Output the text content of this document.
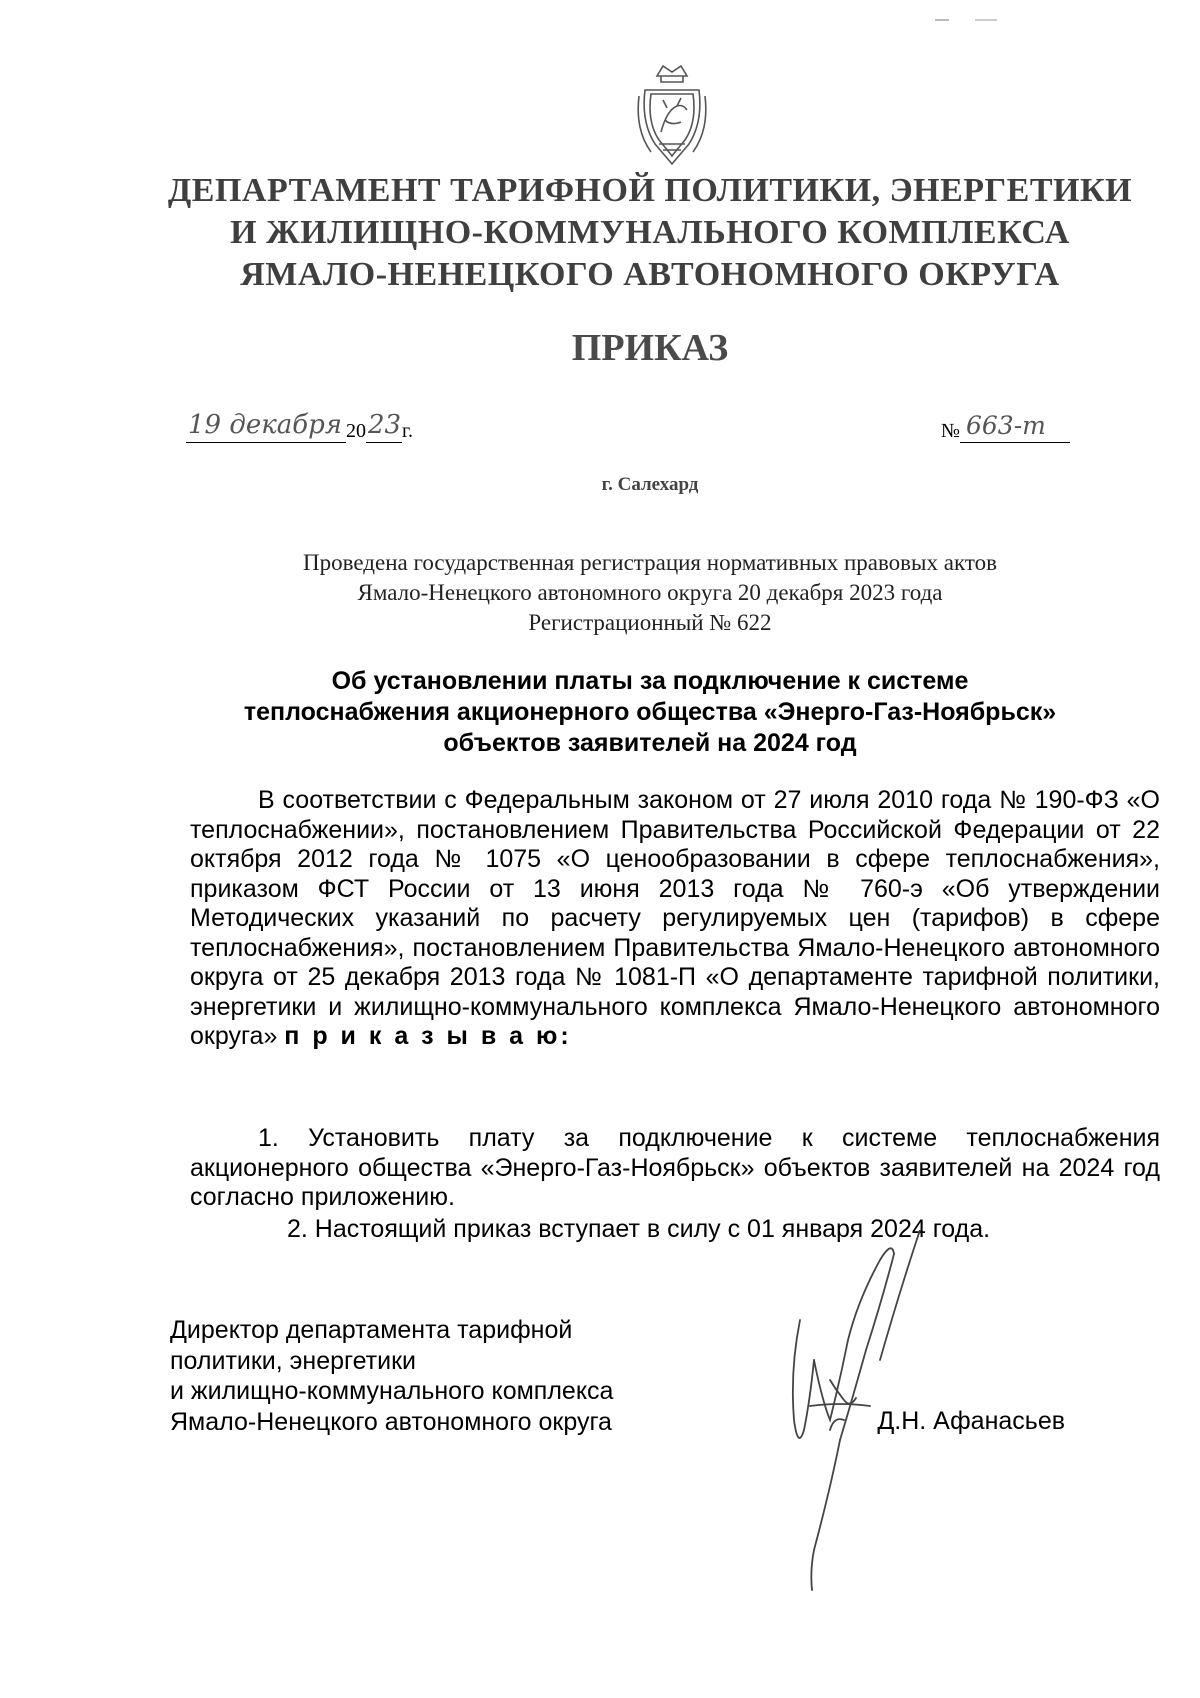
ДЕПАРТАМЕНТ ТАРИФНОЙ ПОЛИТИКИ, ЭНЕРГЕТИКИ
И ЖИЛИЩНО-КОММУНАЛЬНОГО КОМПЛЕКСА
ЯМАЛО-НЕНЕЦКОГО АВТОНОМНОГО ОКРУГА
ПРИКАЗ
19 декабря 20 23 г.	№ 663-т
г. Салехард
Проведена государственная регистрация нормативных правовых актов
Ямало-Ненецкого автономного округа 20 декабря 2023 года
Регистрационный № 622
Об установлении платы за подключение к системе
теплоснабжения акционерного общества «Энерго-Газ-Ноябрьск»
объектов заявителей на 2024 год
В соответствии с Федеральным законом от 27 июля 2010 года № 190-ФЗ «О теплоснабжении», постановлением Правительства Российской Федерации от 22 октября 2012 года № 1075 «О ценообразовании в сфере теплоснабжения», приказом ФСТ России от 13 июня 2013 года № 760-э «Об утверждении Методических указаний по расчету регулируемых цен (тарифов) в сфере теплоснабжения», постановлением Правительства Ямало-Ненецкого автономного округа от 25 декабря 2013 года № 1081-П «О департаменте тарифной политики, энергетики и жилищно-коммунального комплекса Ямало-Ненецкого автономного округа» п р и к а з ы в а ю:
1. Установить плату за подключение к системе теплоснабжения акционерного общества «Энерго-Газ-Ноябрьск» объектов заявителей на 2024 год согласно приложению.
2. Настоящий приказ вступает в силу с 01 января 2024 года.
Директор департамента тарифной
политики, энергетики
и жилищно-коммунального комплекса
Ямало-Ненецкого автономного округа	Д.Н. Афанасьев
